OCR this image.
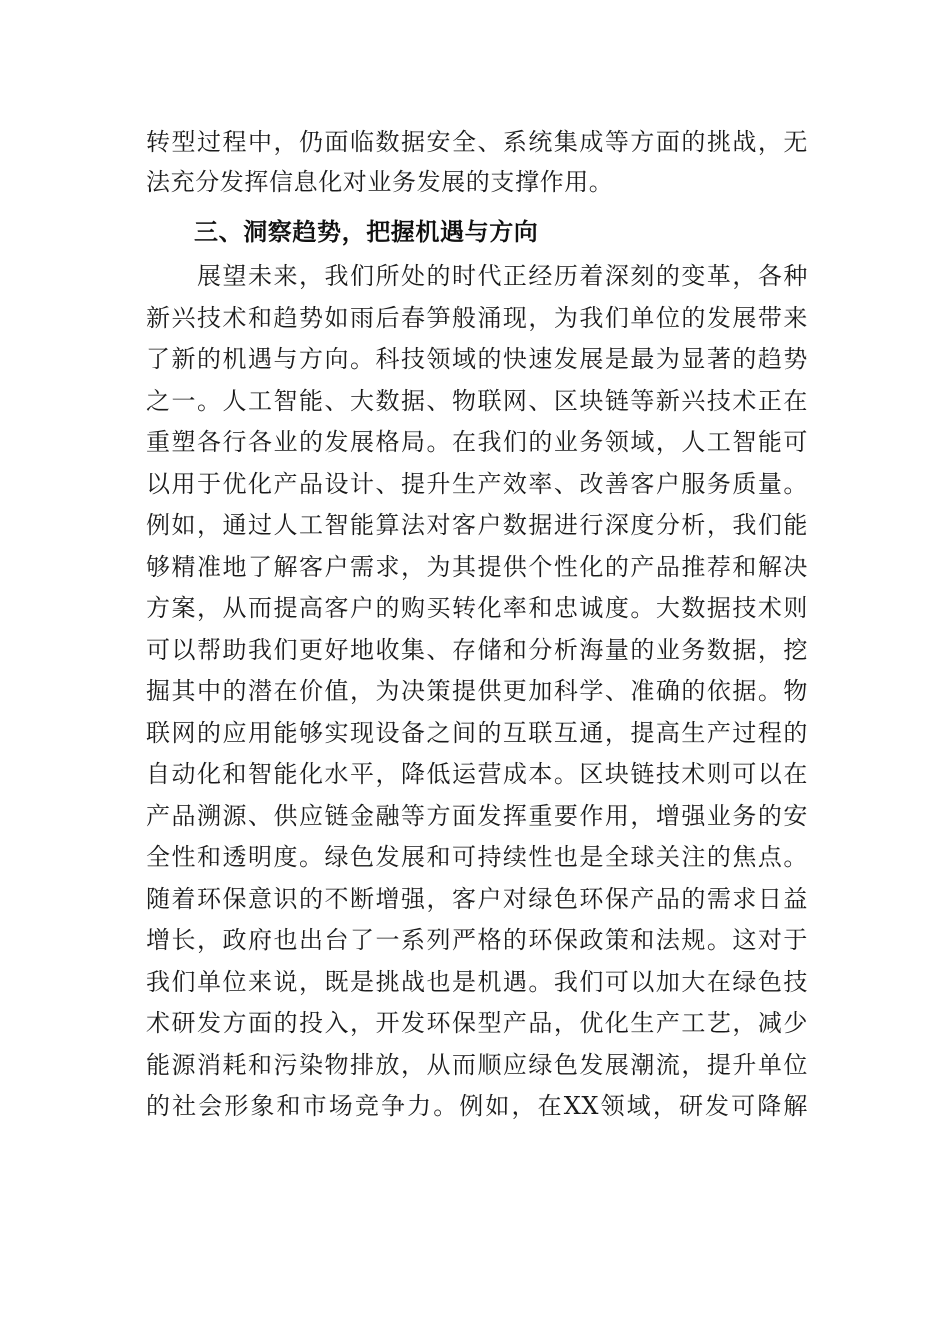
转型过程中，仍面临数据安全、系统集成等方面的挑战，无
法充分发挥信息化对业务发展的支撑作用。
三、洞察趋势，把握机遇与方向
　　展望未来，我们所处的时代正经历着深刻的变革，各种
新兴技术和趋势如雨后春笋般涌现，为我们单位的发展带来
了新的机遇与方向。科技领域的快速发展是最为显著的趋势
之一。人工智能、大数据、物联网、区块链等新兴技术正在
重塑各行各业的发展格局。在我们的业务领域，人工智能可
以用于优化产品设计、提升生产效率、改善客户服务质量。
例如，通过人工智能算法对客户数据进行深度分析，我们能
够精准地了解客户需求，为其提供个性化的产品推荐和解决
方案，从而提高客户的购买转化率和忠诚度。大数据技术则
可以帮助我们更好地收集、存储和分析海量的业务数据，挖
掘其中的潜在价值，为决策提供更加科学、准确的依据。物
联网的应用能够实现设备之间的互联互通，提高生产过程的
自动化和智能化水平，降低运营成本。区块链技术则可以在
产品溯源、供应链金融等方面发挥重要作用，增强业务的安
全性和透明度。绿色发展和可持续性也是全球关注的焦点。
随着环保意识的不断增强，客户对绿色环保产品的需求日益
增长，政府也出台了一系列严格的环保政策和法规。这对于
我们单位来说，既是挑战也是机遇。我们可以加大在绿色技
术研发方面的投入，开发环保型产品，优化生产工艺，减少
能源消耗和污染物排放，从而顺应绿色发展潮流，提升单位
的社会形象和市场竞争力。例如，在XX领域，研发可降解
